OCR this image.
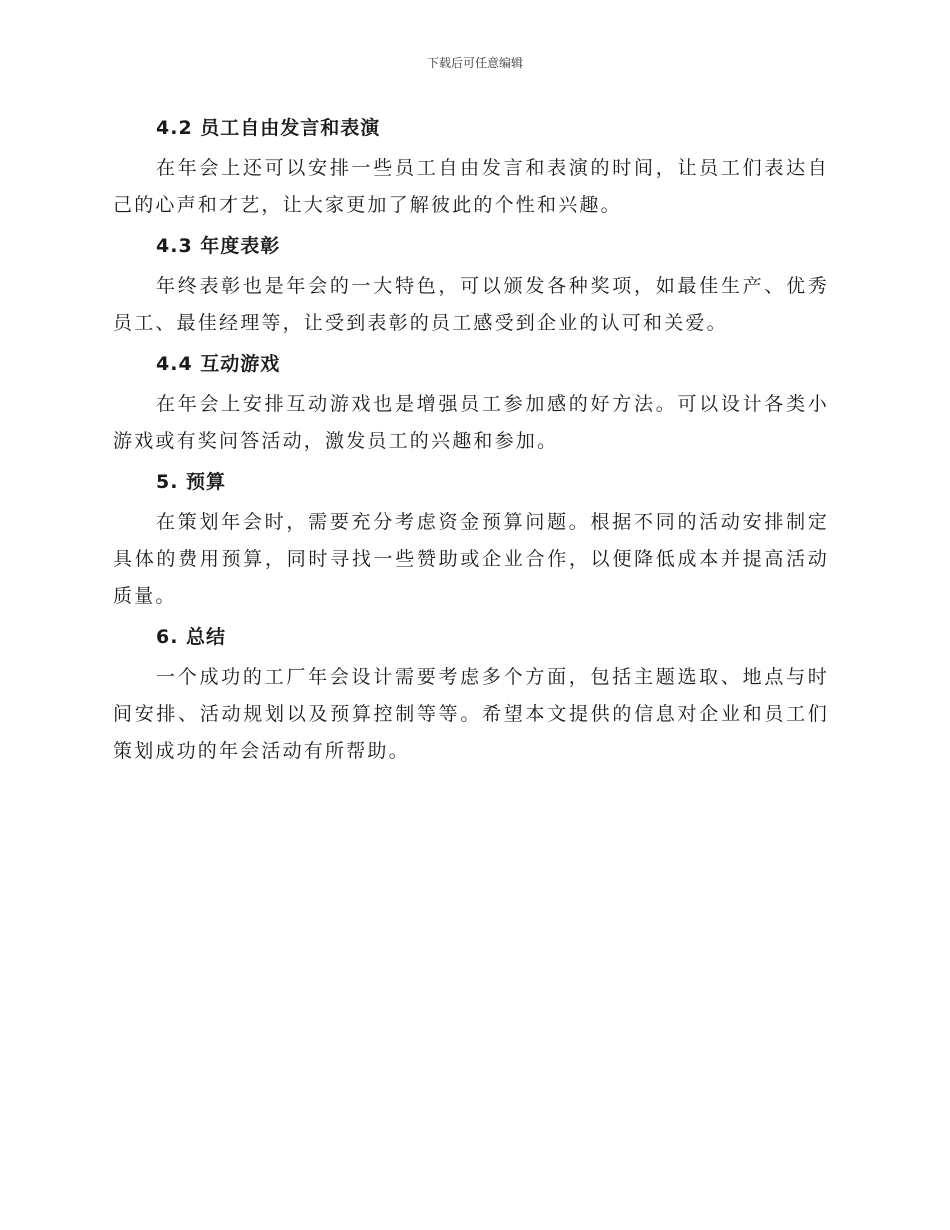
下载后可任意编辑
4.2 员工自由发言和表演

在年会上还可以安排一些员工自由发言和表演的时间，让员工们表达自己的心声和才艺，让大家更加了解彼此的个性和兴趣。

4.3 年度表彰

年终表彰也是年会的一大特色，可以颁发各种奖项，如最佳生产、优秀员工、最佳经理等，让受到表彰的员工感受到企业的认可和关爱。

4.4 互动游戏

在年会上安排互动游戏也是增强员工参加感的好方法。可以设计各类小游戏或有奖问答活动，激发员工的兴趣和参加。

5. 预算

在策划年会时，需要充分考虑资金预算问题。根据不同的活动安排制定具体的费用预算，同时寻找一些赞助或企业合作，以便降低成本并提高活动质量。

6. 总结

一个成功的工厂年会设计需要考虑多个方面，包括主题选取、地点与时间安排、活动规划以及预算控制等等。希望本文提供的信息对企业和员工们策划成功的年会活动有所帮助。
